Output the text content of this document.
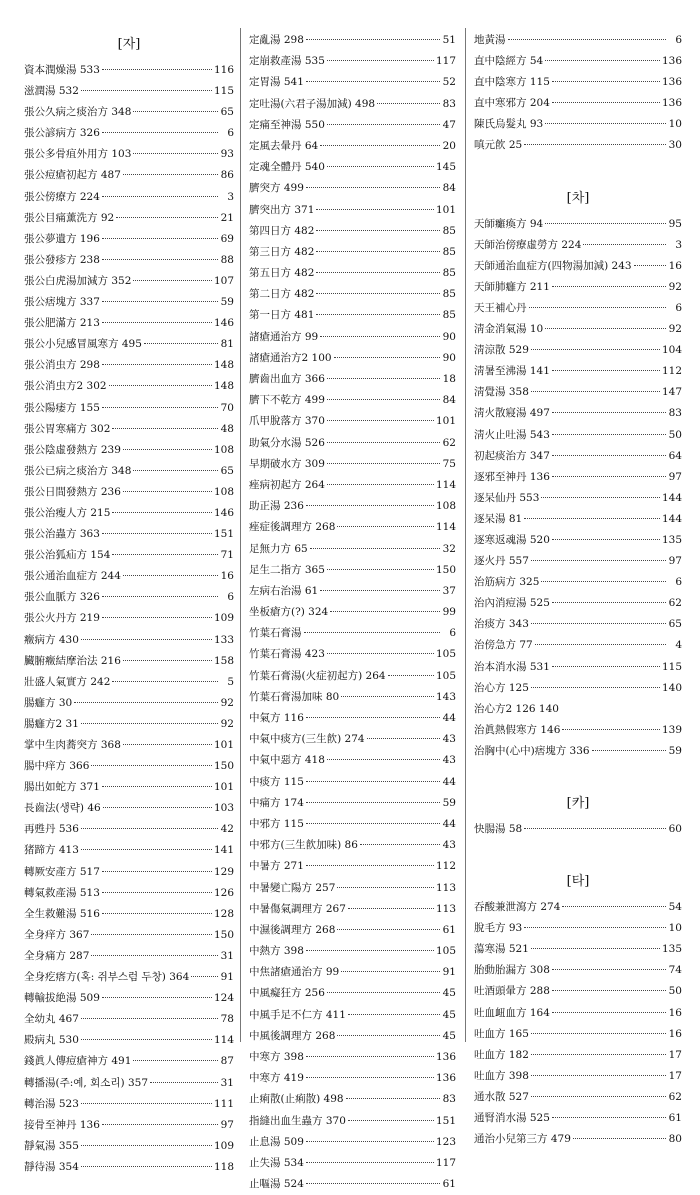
[자]
資本潤燥湯 533	116
滋潤湯 532	115
張公久病之痰治方 348	65
張公諺病方 326	6
張公多骨疽外用方 103	93
張公痘瘡初起方 487	86
張公傍療方 224	3
張公目痛薰洗方 92	21
張公夢遺方 196	69
張公發疹方 238	88
張公白虎湯加減方 352	107
張公痞塊方 337	59
張公肥滿方 213	146
張公小兒感冒風寒方 495	81
張公消虫方 298	148
張公消虫方2 302	148
張公陽痿方 155	70
張公胃寒痛方 302	48
張公陰虛發熱方 239	108
張公已病之痰治方 348	65
張公日間發熱方 236	108
張公治瘦人方 215	146
張公治蟲方 363	151
張公治狐疝方 154	71
張公通治血症方 244	16
張公血脈方 326	6
張公火丹方 219	109
癥病方 430	133
臟腑癥結摩治法 216	158
壯盛人氣實方 242	5
腸癰方 30	92
腸癰方2 31	92
掌中生肉蕎突方 368	101
腸中痒方 366	150
腸出如蛇方 371	101
長齒法(생략) 46	103
再甦丹 536	42
猪蹄方 413	141
轉厥安產方 517	129
轉氣救產湯 513	126
全生救難湯 516	128
全身痒方 367	150
全身痛方 287	31
全身疙瘩方(혹: 쥐부스럼 두창) 364	91
轉輸拔絶湯 509	124
全幼丸 467	78
殿病丸 530	114
錢眞人傳痘瘡神方 491	87
轉播湯(주:예, 회소리) 357	31
轉治湯 523	111
接骨至神丹 136	97
靜氣湯 355	109
靜待湯 354	118
定亂湯 298	51
定崩救產湯 535	117
定胃湯 541	52
定吐湯(六君子湯加減) 498	83
定痛至神湯 550	47
定風去暈丹 64	20
定魂全體丹 540	145
臍突方 499	84
臍突出方 371	101
第四日方 482	85
第三日方 482	85
第五日方 482	85
第二日方 482	85
第一日方 481	85
諸瘡通治方 99	90
諸瘡通治方2 100	90
臍齒出血方 366	18
臍下不乾方 499	84
爪甲脫落方 370	101
助氣分水湯 526	62
早期破水方 309	75
痤病初起方 264	114
助正湯 236	108
痤症後調理方 268	114
足無力方 65	32
足生二指方 365	150
左病右治湯 61	37
坐板瘡方(?) 324	99
竹葉石膏湯	6
竹葉石膏湯 423	105
竹葉石膏湯(火症初起方) 264	105
竹葉石膏湯加味 80	143
中氣方 116	44
中氣中痰方(三生飮) 274	43
中氣中惡方 418	43
中痰方 115	44
中痛方 174	59
中邪方 115	44
中邪方(三生飮加味) 86	43
中暑方 271	112
中暑變亡陽方 257	113
中暑傷氣調理方 267	113
中濕後調理方 268	61
中熱方 398	105
中焦諸瘡通治方 99	91
中風癡狂方 256	45
中風手足不仁方 411	45
中風後調理方 268	45
中寒方 398	136
中寒方 419	136
止痢散(止痢散) 498	83
指縫出血生蟲方 370	151
止息湯 509	123
止失湯 534	117
止嘔湯 524	61
地黃湯	6
直中陰經方 54	136
直中陰寒方 115	136
直中寒邪方 204	136
陳氏烏髮丸 93	10
嗔元飮 25	30
[차]
天師癱瘓方 94	95
天師治傍療虛勞方 224	3
天師通治血症方(四物湯加減) 243	16
天師肺癰方 211	92
天王補心丹	6
淸金消氣湯 10	92
淸涼散 529	104
淸暑至沸湯 141	112
淸覺湯 358	147
淸火散寢湯 497	83
淸火止吐湯 543	50
初起痰治方 347	64
逐邪至神丹 136	97
逐呆仙丹 553	144
逐呆湯 81	144
逐寒返魂湯 520	135
逐火丹 557	97
治筋病方 325	6
治內消痘湯 525	62
治痰方 343	65
治傍急方 77	4
治本消水湯 531	115
治心方 125	140
治心方2 126 140
治眞熱假寒方 146	139
治胸中(心中)痞塊方 336	59
[카]
快腸湯 58	60
[타]
吞酸兼泄瀉方 274	54
脫毛方 93	10
蕩寒湯 521	135
胎動胎漏方 308	74
吐酒頭暈方 288	50
吐血衄血方 164	16
吐血方 165	16
吐血方 182	17
吐血方 398	17
通水散 527	62
通腎消水湯 525	61
通治小兒第三方 479	80
